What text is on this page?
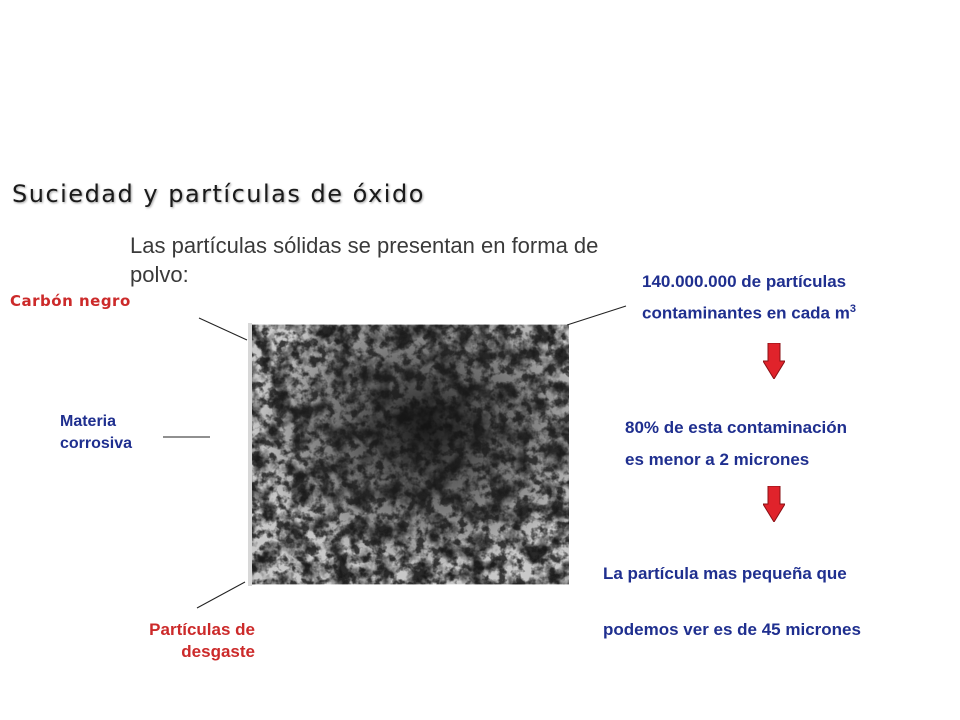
Suciedad y partículas de óxido
Las partículas sólidas se presentan en forma de polvo:
Carbón negro
Materia corrosiva
Partículas de desgaste
140.000.000 de partículas
contaminantes en cada $m^3$
80% de esta contaminación
es menor a 2 micrones
La partícula mas pequeña que
podemos ver es de 45 micrones
